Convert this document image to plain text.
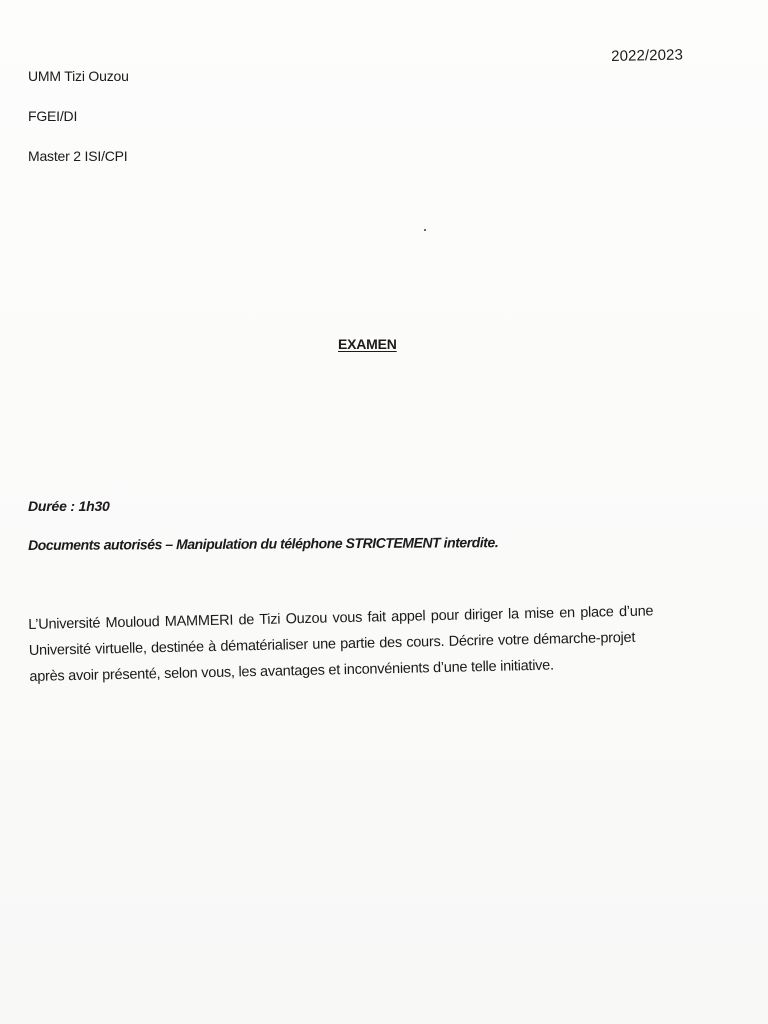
2022/2023
UMM Tizi Ouzou
FGEI/DI
Master 2 ISI/CPI
EXAMEN
Durée : 1h30
Documents autorisés – Manipulation du téléphone STRICTEMENT interdite.
L’Université Mouloud MAMMERI de Tizi Ouzou vous fait appel pour diriger la mise en place d’une
Université virtuelle, destinée à dématérialiser une partie des cours. Décrire votre démarche-projet
après avoir présenté, selon vous, les avantages et inconvénients d’une telle initiative.
